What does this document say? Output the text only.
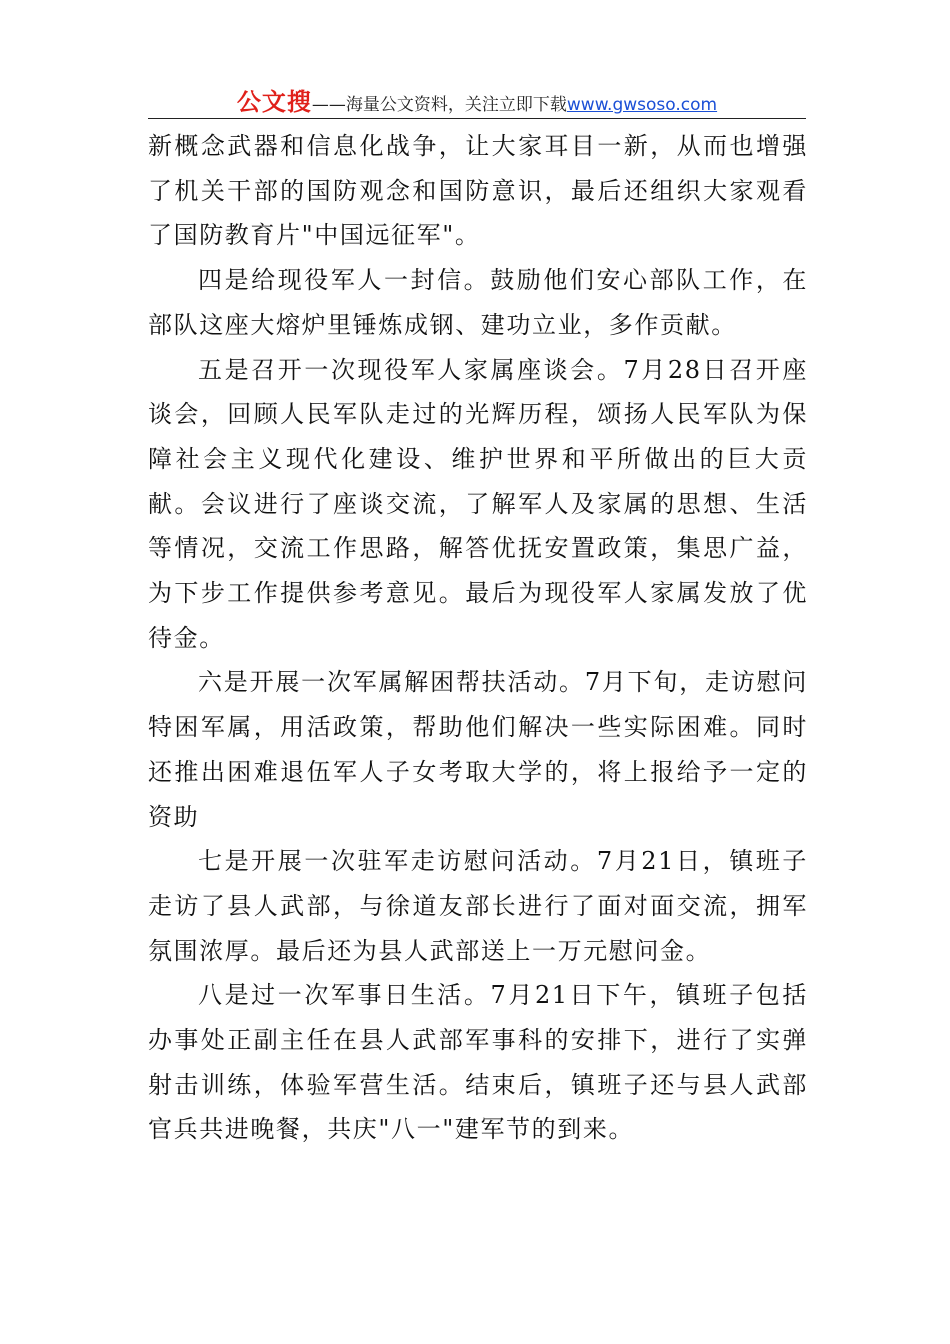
公文搜——海量公文资料，关注立即下载www.gwsoso.com

新概念武器和信息化战争，让大家耳目一新，从而也增强了机关干部的国防观念和国防意识，最后还组织大家观看了国防教育片"中国远征军"。

四是给现役军人一封信。鼓励他们安心部队工作，在部队这座大熔炉里锤炼成钢、建功立业，多作贡献。

五是召开一次现役军人家属座谈会。7月28日召开座谈会，回顾人民军队走过的光辉历程，颂扬人民军队为保障社会主义现代化建设、维护世界和平所做出的巨大贡献。会议进行了座谈交流，了解军人及家属的思想、生活等情况，交流工作思路，解答优抚安置政策，集思广益，为下步工作提供参考意见。最后为现役军人家属发放了优待金。

六是开展一次军属解困帮扶活动。7月下旬，走访慰问特困军属，用活政策，帮助他们解决一些实际困难。同时还推出困难退伍军人子女考取大学的，将上报给予一定的资助

七是开展一次驻军走访慰问活动。7月21日，镇班子走访了县人武部，与徐道友部长进行了面对面交流，拥军氛围浓厚。最后还为县人武部送上一万元慰问金。

八是过一次军事日生活。7月21日下午，镇班子包括办事处正副主任在县人武部军事科的安排下，进行了实弹射击训练，体验军营生活。结束后，镇班子还与县人武部官兵共进晚餐，共庆"八一"建军节的到来。
